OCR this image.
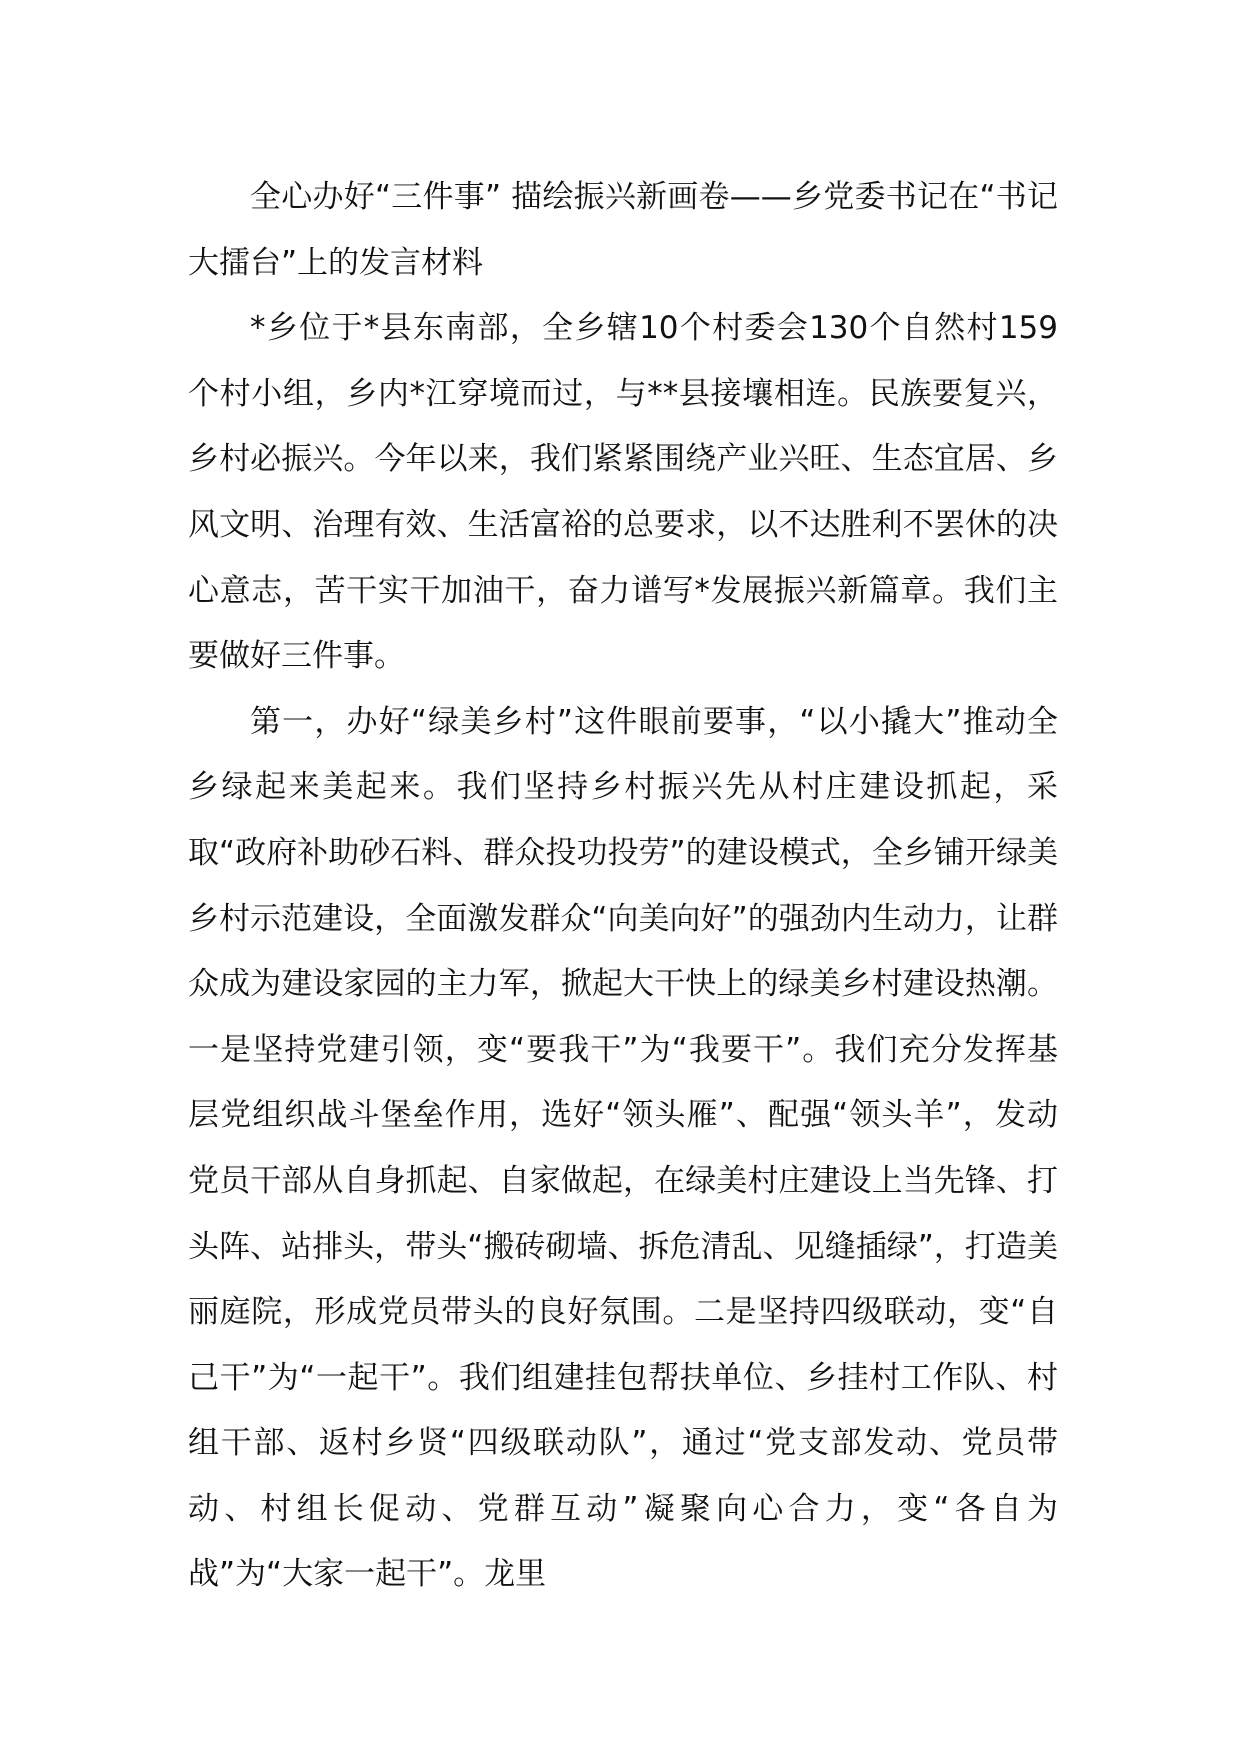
全心办好“三件事” 描绘振兴新画卷——乡党委书记在“书记大擂台”上的发言材料

*乡位于*县东南部，全乡辖10个村委会130个自然村159个村小组，乡内*江穿境而过，与**县接壤相连。民族要复兴，乡村必振兴。今年以来，我们紧紧围绕产业兴旺、生态宜居、乡风文明、治理有效、生活富裕的总要求，以不达胜利不罢休的决心意志，苦干实干加油干，奋力谱写*发展振兴新篇章。我们主要做好三件事。

第一，办好“绿美乡村”这件眼前要事，“以小撬大”推动全乡绿起来美起来。我们坚持乡村振兴先从村庄建设抓起，采取“政府补助砂石料、群众投功投劳”的建设模式，全乡铺开绿美乡村示范建设，全面激发群众“向美向好”的强劲内生动力，让群众成为建设家园的主力军，掀起大干快上的绿美乡村建设热潮。一是坚持党建引领，变“要我干”为“我要干”。我们充分发挥基层党组织战斗堡垒作用，选好“领头雁”、配强“领头羊”，发动党员干部从自身抓起、自家做起，在绿美村庄建设上当先锋、打头阵、站排头，带头“搬砖砌墙、拆危清乱、见缝插绿”，打造美丽庭院，形成党员带头的良好氛围。二是坚持四级联动，变“自己干”为“一起干”。我们组建挂包帮扶单位、乡挂村工作队、村组干部、返村乡贤“四级联动队”，通过“党支部发动、党员带动、村组长促动、党群互动”凝聚向心合力，变“各自为战”为“大家一起干”。龙里
